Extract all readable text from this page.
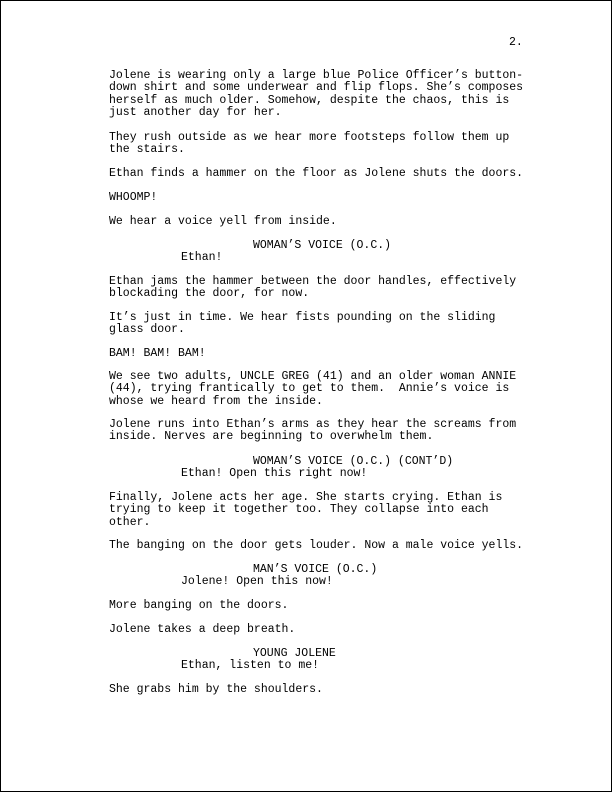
2.
Jolene is wearing only a large blue Police Officer’s button-
down shirt and some underwear and flip flops. She’s composes
herself as much older. Somehow, despite the chaos, this is
just another day for her.
They rush outside as we hear more footsteps follow them up
the stairs.
Ethan finds a hammer on the floor as Jolene shuts the doors.
WHOOMP!
We hear a voice yell from inside.
WOMAN’S VOICE (O.C.)
Ethan!
Ethan jams the hammer between the door handles, effectively
blockading the door, for now.
It’s just in time. We hear fists pounding on the sliding
glass door.
BAM! BAM! BAM!
We see two adults, UNCLE GREG (41) and an older woman ANNIE
(44), trying frantically to get to them.  Annie’s voice is
whose we heard from the inside.
Jolene runs into Ethan’s arms as they hear the screams from
inside. Nerves are beginning to overwhelm them.
WOMAN’S VOICE (O.C.) (CONT’D)
Ethan! Open this right now!
Finally, Jolene acts her age. She starts crying. Ethan is
trying to keep it together too. They collapse into each
other.
The banging on the door gets louder. Now a male voice yells.
MAN’S VOICE (O.C.)
Jolene! Open this now!
More banging on the doors.
Jolene takes a deep breath.
YOUNG JOLENE
Ethan, listen to me!
She grabs him by the shoulders.
